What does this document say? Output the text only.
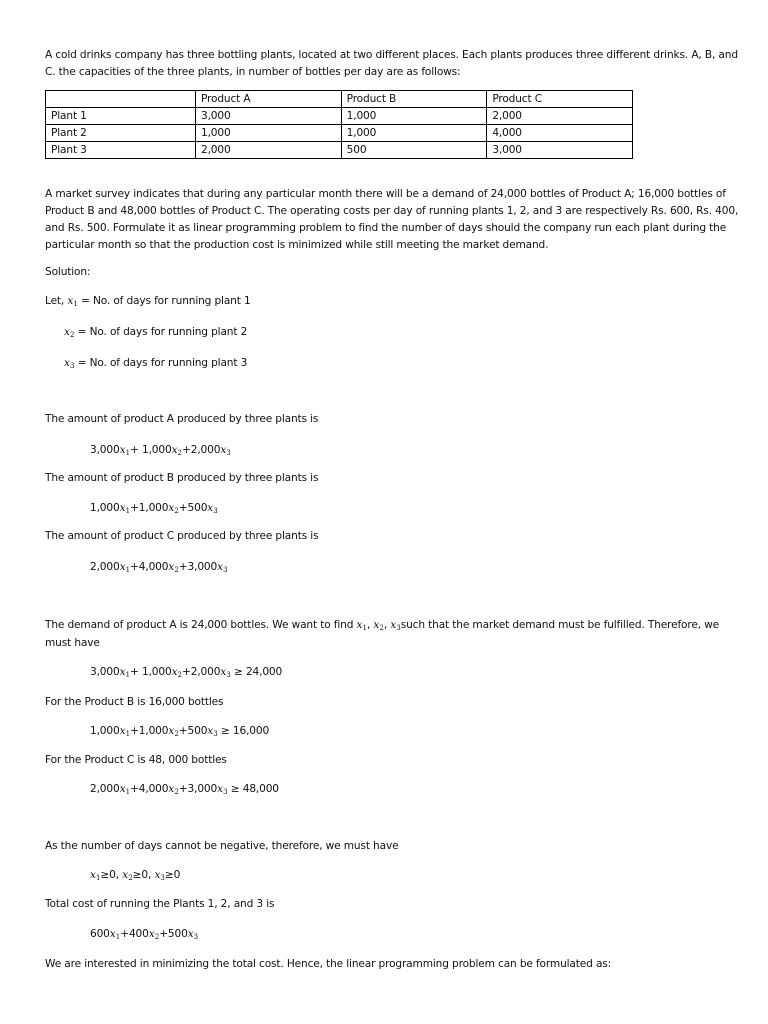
A cold drinks company has three bottling plants, located at two different places. Each plants produces three different drinks. A, B, and
C. the capacities of the three plants, in number of bottles per day are as follows:
	Product A	Product B	Product C
Plant 1	3,000	1,000	2,000
Plant 2	1,000	1,000	4,000
Plant 3	2,000	500	3,000
A market survey indicates that during any particular month there will be a demand of 24,000 bottles of Product A; 16,000 bottles of
Product B and 48,000 bottles of Product C. The operating costs per day of running plants 1, 2, and 3 are respectively Rs. 600, Rs. 400,
and Rs. 500. Formulate it as linear programming problem to find the number of days should the company run each plant during the
particular month so that the production cost is minimized while still meeting the market demand.
Solution:
Let, $x_1 = No$. of days for running plant 1
$x_2 = No$. of days for running plant 2
$x_3 = No$. of days for running plant 3
The amount of product A produced by three plants is
$3,000x_1+ 1,000x_2+2,000x_3$
The amount of product B produced by three plants is
$1,000x_1+1,000x_2+500x_3$
The amount of product C produced by three plants is
$2,000x_1+4,000x_2+3,000x_3$
The demand of product A is 24,000 bottles. We want to find $x_1$, $x_2$, $x_3such$ that the market demand must be fulfilled. Therefore, we
must have
$3,000x_1+ 1,000x_2+2,000x_3 \ge 24,000$
For the Product B is 16,000 bottles
$1,000x_1+1,000x_2+500x_3 \ge 16,000$
For the Product C is 48, 000 bottles
$2,000x_1+4,000x_2+3,000x_3 \ge 48,000$
As the number of days cannot be negative, therefore, we must have
$x_1\ge 0$, $x_2\ge 0$, $x_3\ge 0$
Total cost of running the Plants 1, 2, and 3 is
$600x_1+400x_2+500x_3$
We are interested in minimizing the total cost. Hence, the linear programming problem can be formulated as:
